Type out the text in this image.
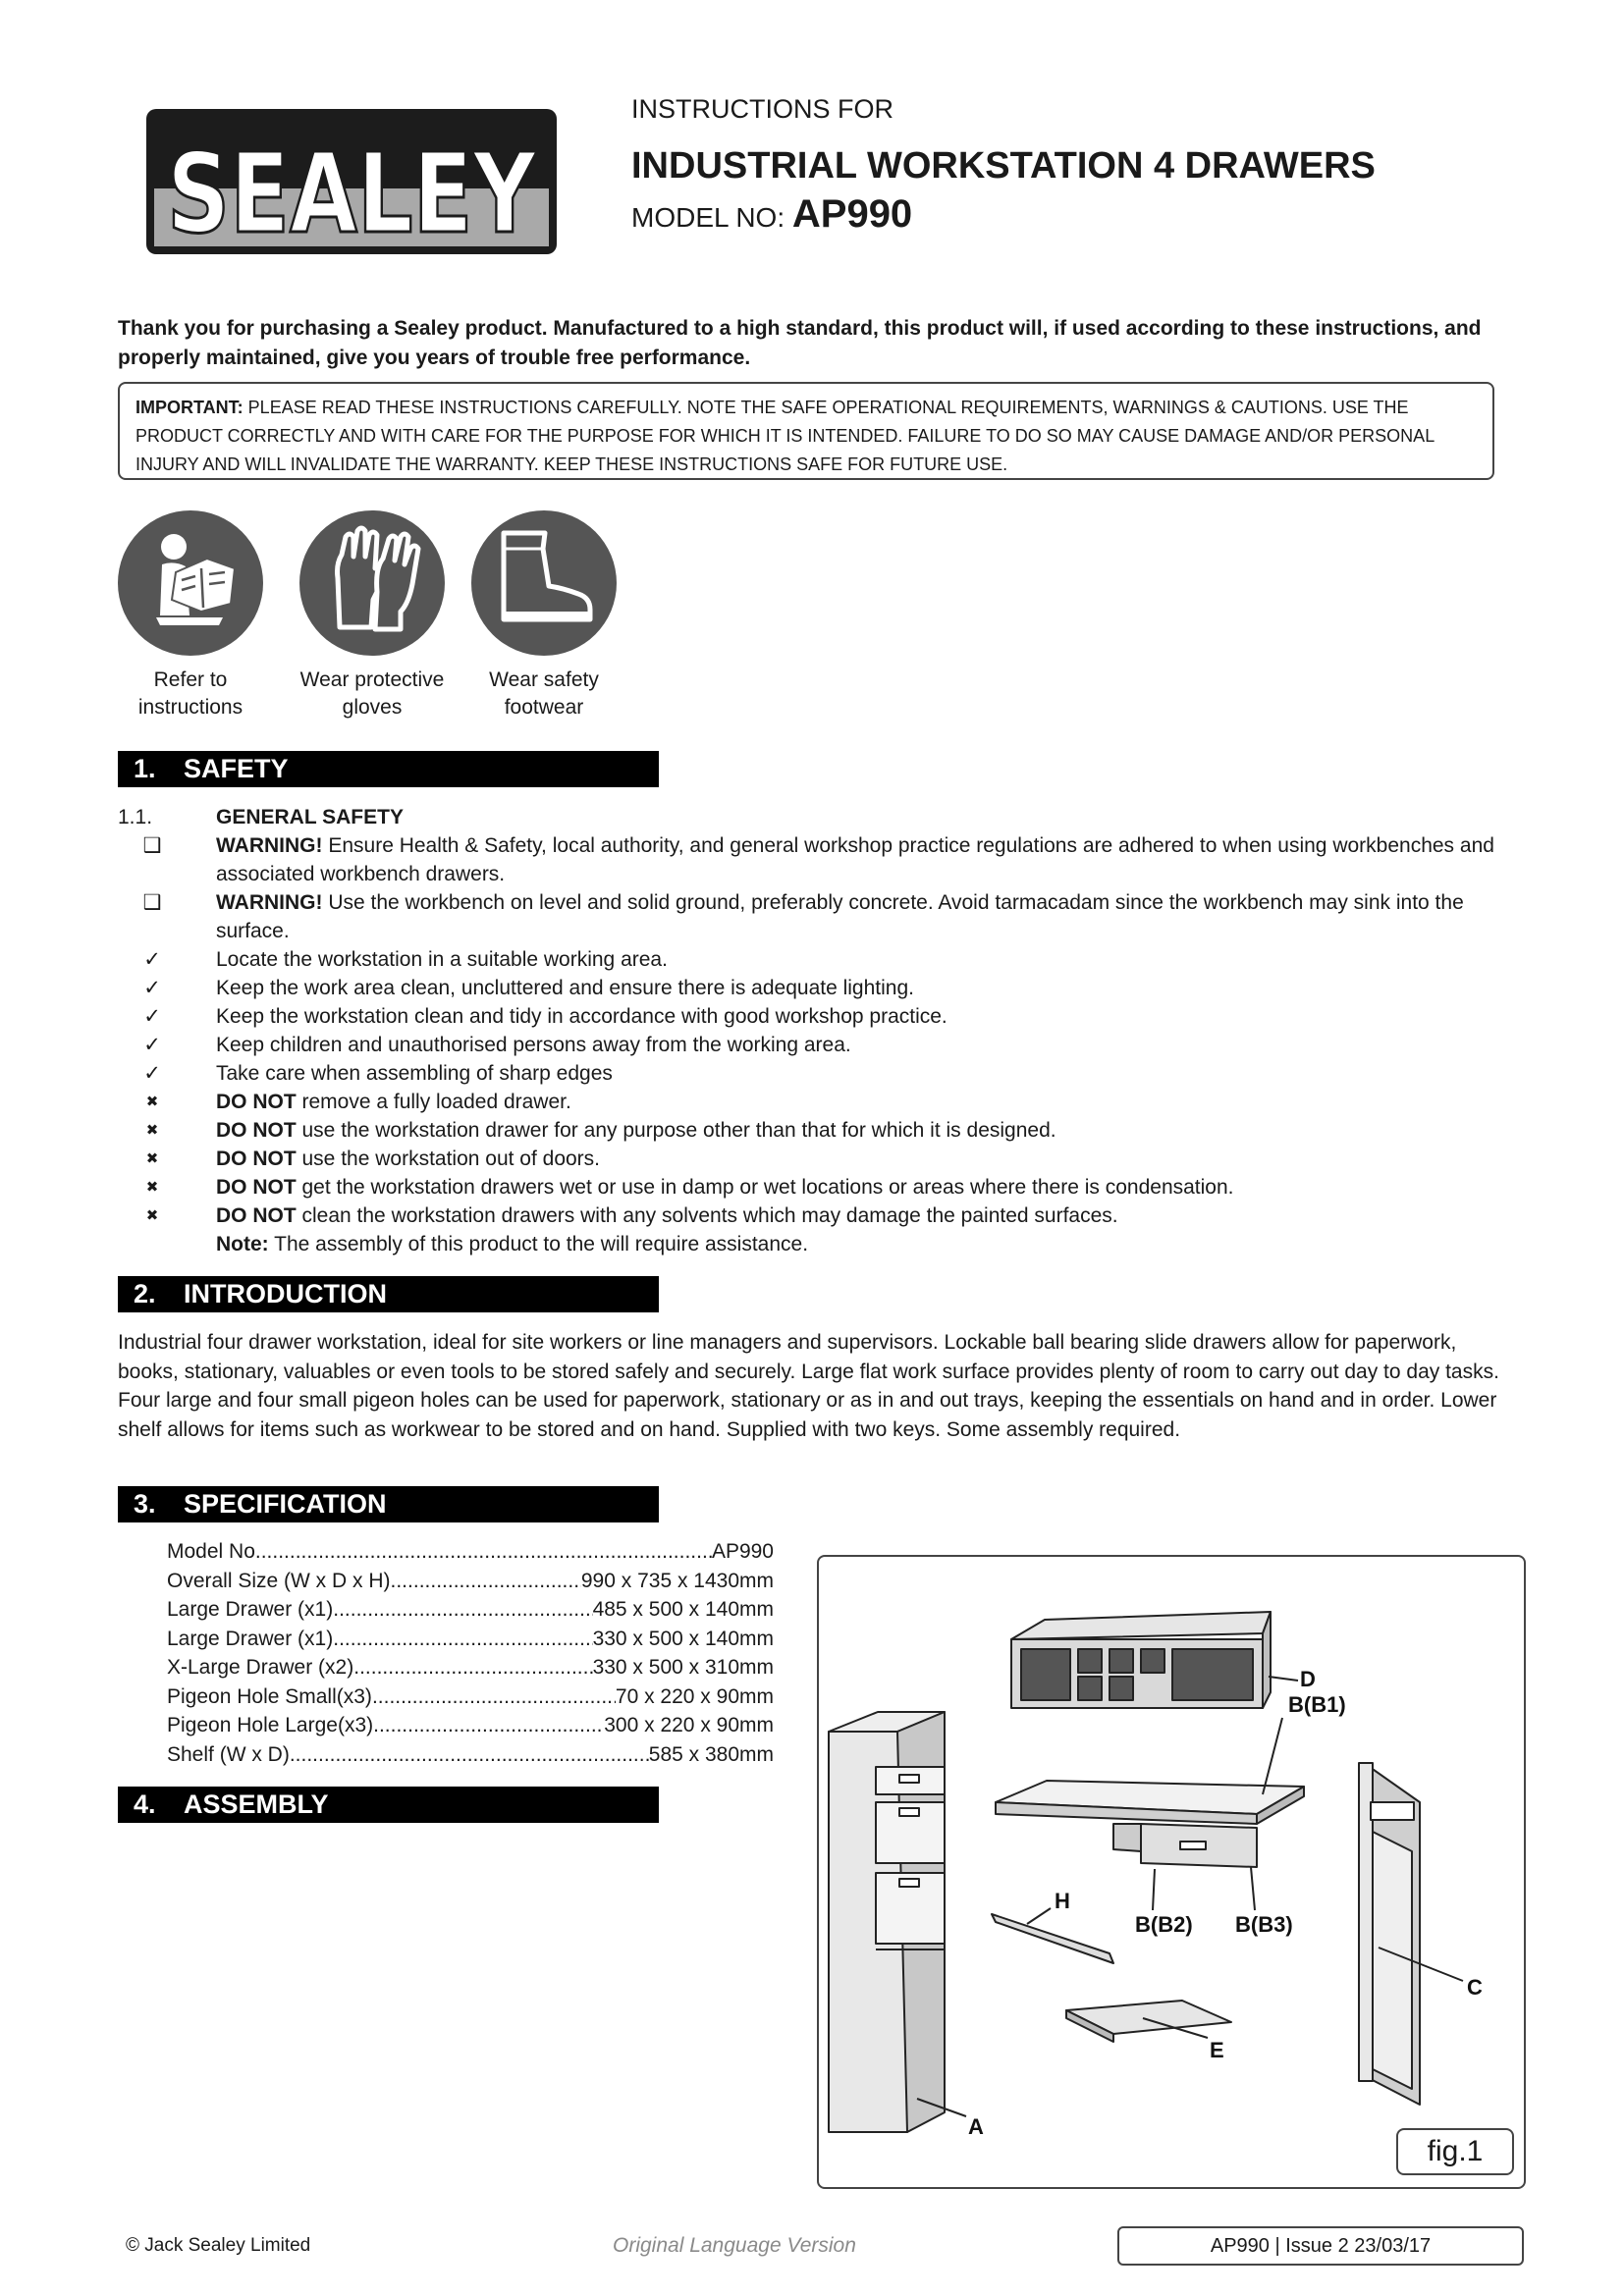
SEALEY
INSTRUCTIONS FOR
INDUSTRIAL WORKSTATION 4 DRAWERS
MODEL NO: AP990
Thank you for purchasing a Sealey product. Manufactured to a high standard, this product will, if used according to these instructions, and properly maintained, give you years of trouble free performance.
IMPORTANT: PLEASE READ THESE INSTRUCTIONS CAREFULLY. NOTE THE SAFE OPERATIONAL REQUIREMENTS, WARNINGS & CAUTIONS. USE THE PRODUCT CORRECTLY AND WITH CARE FOR THE PURPOSE FOR WHICH IT IS INTENDED. FAILURE TO DO SO MAY CAUSE DAMAGE AND/OR PERSONAL INJURY AND WILL INVALIDATE THE WARRANTY. KEEP THESE INSTRUCTIONS SAFE FOR FUTURE USE.
Refer to
instructions
Wear protective
gloves
Wear safety
footwear
1. SAFETY
1.1.	GENERAL SAFETY
❑	WARNING! Ensure Health & Safety, local authority, and general workshop practice regulations are adhered to when using workbenches and associated workbench drawers.
❑	WARNING! Use the workbench on level and solid ground, preferably concrete. Avoid tarmacadam since the workbench may sink into the surface.
✓	Locate the workstation in a suitable working area.
✓	Keep the work area clean, uncluttered and ensure there is adequate lighting.
✓	Keep the workstation clean and tidy in accordance with good workshop practice.
✓	Keep children and unauthorised persons away from the working area.
✓	Take care when assembling of sharp edges
✖	DO NOT remove a fully loaded drawer.
✖	DO NOT use the workstation drawer for any purpose other than that for which it is designed.
✖	DO NOT use the workstation out of doors.
✖	DO NOT get the workstation drawers wet or use in damp or wet locations or areas where there is condensation.
✖	DO NOT clean the workstation drawers with any solvents which may damage the painted surfaces.
Note: The assembly of this product to the will require assistance.
2. INTRODUCTION
Industrial four drawer workstation, ideal for site workers or line managers and supervisors. Lockable ball bearing slide drawers allow for paperwork, books, stationary, valuables or even tools to be stored safely and securely. Large flat work surface provides plenty of room to carry out day to day tasks. Four large and four small pigeon holes can be used for paperwork, stationary or as in and out trays, keeping the essentials on hand and in order. Lower shelf allows for items such as workwear to be stored and on hand. Supplied with two keys. Some assembly required.
3. SPECIFICATION
Model No. .....	AP990
Overall Size (W x D x H) .....	990 x 735 x 1430mm
Large Drawer (x1) .....	485 x 500 x 140mm
Large Drawer (x1) .....	330 x 500 x 140mm
X-Large Drawer (x2) .....	330 x 500 x 310mm
Pigeon Hole Small(x3) .....	70 x 220 x 90mm
Pigeon Hole Large(x3) .....	300 x 220 x 90mm
Shelf (W x D) .....	585 x 380mm
4. ASSEMBLY
D
B(B1)
H
B(B2) B(B3)
C
E
A
fig.1
© Jack Sealey Limited	Original Language Version	AP990 | Issue 2 23/03/17
